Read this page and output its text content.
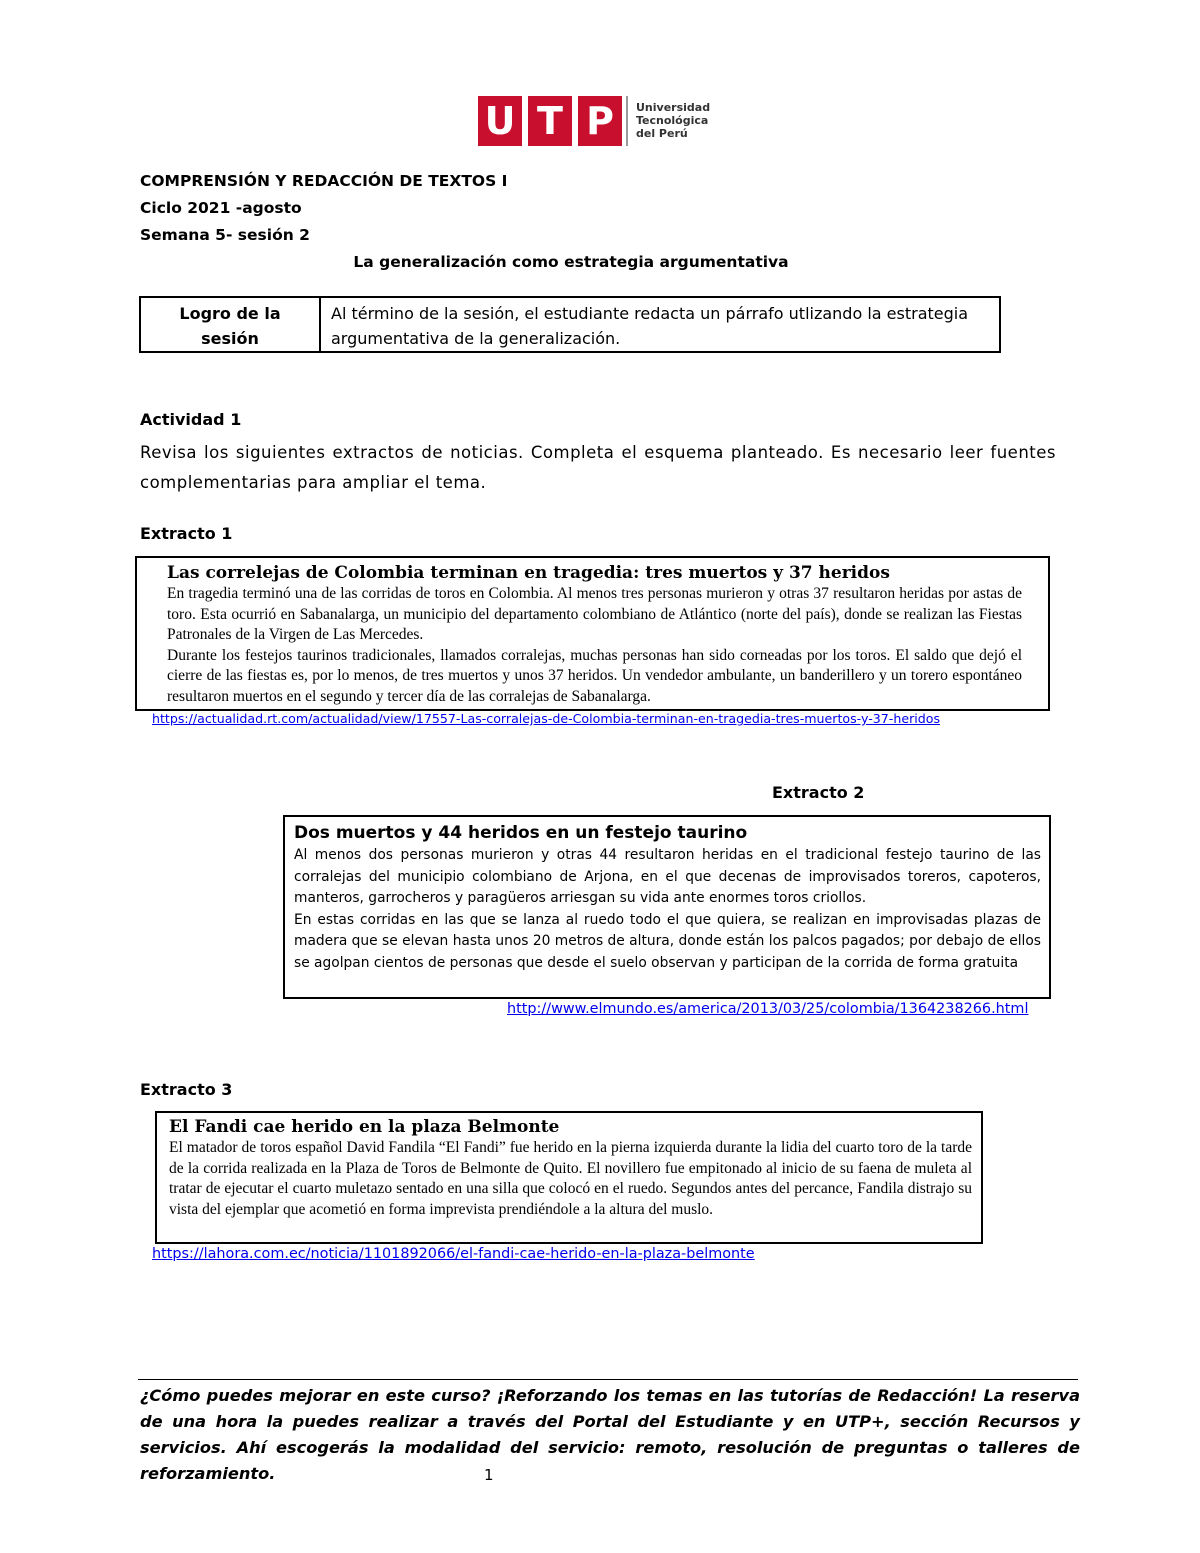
U T P	Universidad
Tecnológica
del Perú
COMPRENSIÓN Y REDACCIÓN DE TEXTOS I
Ciclo 2021 -agosto
Semana 5- sesión 2
La generalización como estrategia argumentativa
Logro de la
sesión
Al término de la sesión, el estudiante redacta un párrafo utlizando la estrategia argumentativa de la generalización.
Actividad 1
Revisa los siguientes extractos de noticias. Completa el esquema planteado. Es necesario leer fuentes complementarias para ampliar el tema.
Extracto 1
Las correlejas de Colombia terminan en tragedia: tres muertos y 37 heridos
En tragedia terminó una de las corridas de toros en Colombia. Al menos tres personas murieron y otras 37 resultaron heridas por astas de toro. Esta ocurrió en Sabanalarga, un municipio del departamento colombiano de Atlántico (norte del país), donde se realizan las Fiestas Patronales de la Virgen de Las Mercedes.
Durante los festejos taurinos tradicionales, llamados corralejas, muchas personas han sido corneadas por los toros. El saldo que dejó el cierre de las fiestas es, por lo menos, de tres muertos y unos 37 heridos. Un vendedor ambulante, un banderillero y un torero espontáneo resultaron muertos en el segundo y tercer día de las corralejas de Sabanalarga.
https://actualidad.rt.com/actualidad/view/17557-Las-corralejas-de-Colombia-terminan-en-tragedia-tres-muertos-y-37-heridos
Extracto 2
Dos muertos y 44 heridos en un festejo taurino
Al menos dos personas murieron y otras 44 resultaron heridas en el tradicional festejo taurino de las corralejas del municipio colombiano de Arjona, en el que decenas de improvisados toreros, capoteros, manteros, garrocheros y paragüeros arriesgan su vida ante enormes toros criollos.
En estas corridas en las que se lanza al ruedo todo el que quiera, se realizan en improvisadas plazas de madera que se elevan hasta unos 20 metros de altura, donde están los palcos pagados; por debajo de ellos se agolpan cientos de personas que desde el suelo observan y participan de la corrida de forma gratuita
http://www.elmundo.es/america/2013/03/25/colombia/1364238266.html
Extracto 3
El Fandi cae herido en la plaza Belmonte
El matador de toros español David Fandila “El Fandi” fue herido en la pierna izquierda durante la lidia del cuarto toro de la tarde de la corrida realizada en la Plaza de Toros de Belmonte de Quito. El novillero fue empitonado al inicio de su faena de muleta al tratar de ejecutar el cuarto muletazo sentado en una silla que colocó en el ruedo. Segundos antes del percance, Fandila distrajo su vista del ejemplar que acometió en forma imprevista prendiéndole a la altura del muslo.
https://lahora.com.ec/noticia/1101892066/el-fandi-cae-herido-en-la-plaza-belmonte
¿Cómo puedes mejorar en este curso? ¡Reforzando los temas en las tutorías de Redacción! La reserva de una hora la puedes realizar a través del Portal del Estudiante y en UTP+, sección Recursos y servicios. Ahí escogerás la modalidad del servicio: remoto, resolución de preguntas o talleres de reforzamiento.	1
